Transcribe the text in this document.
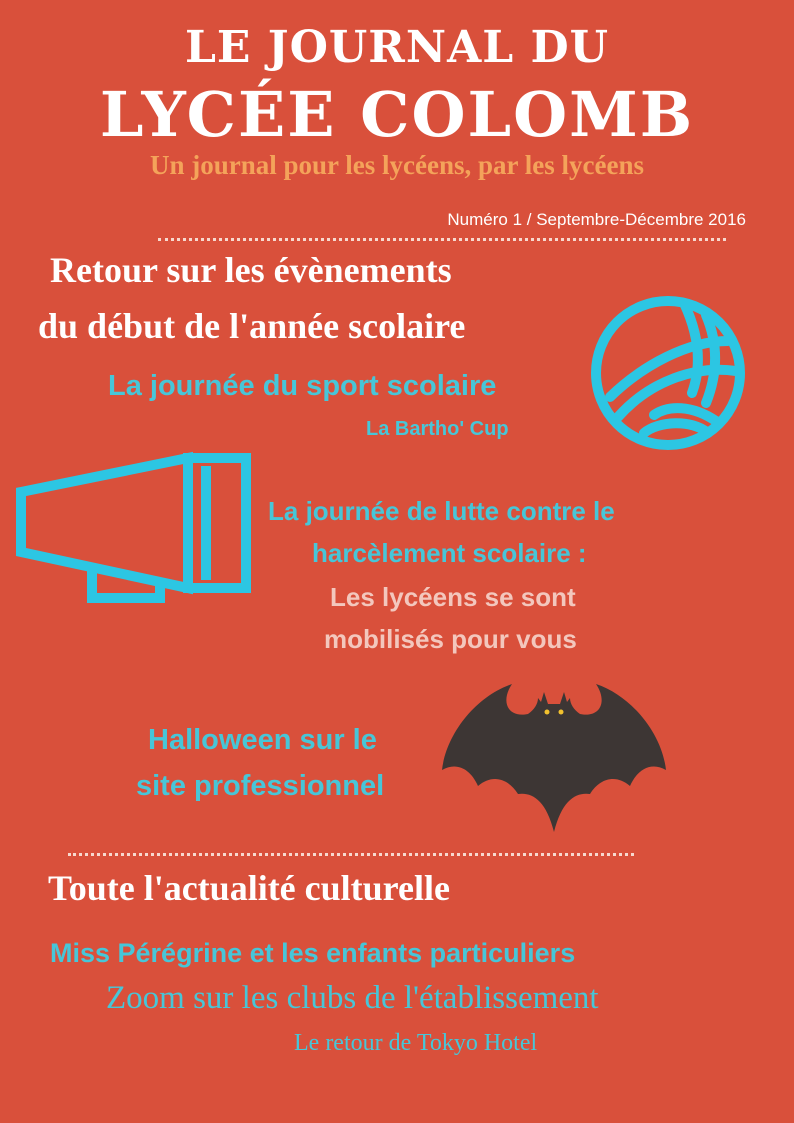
LE JOURNAL DU
LYCÉE COLOMB
Un journal pour les lycéens, par les lycéens
Numéro 1 / Septembre-Décembre 2016
Retour sur les évènements
du début de l'année scolaire
La journée du sport scolaire
La Bartho' Cup
La journée de lutte contre le
harcèlement scolaire :
Les lycéens se sont
mobilisés pour vous
Halloween sur le
site professionnel
Toute l'actualité culturelle
Miss Pérégrine et les enfants particuliers
Zoom sur les clubs de l'établissement
Le retour de Tokyo Hotel
